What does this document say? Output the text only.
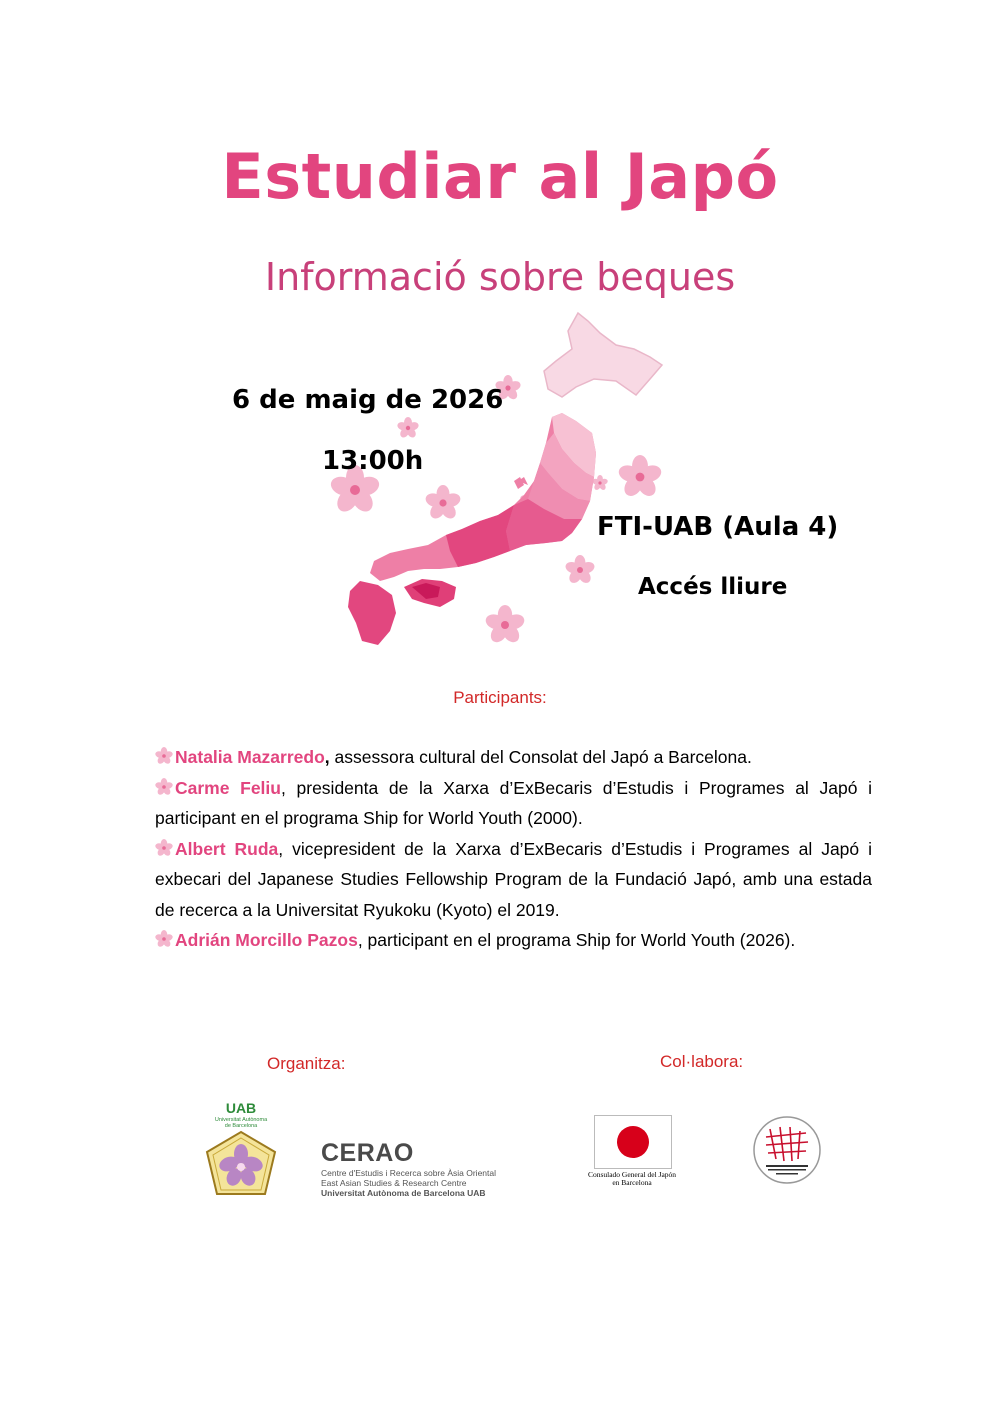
Estudiar al Japó
Informació sobre beques
6 de maig de 2026
13:00h
FTI-UAB (Aula 4)
Accés lliure
Participants:
Natalia Mazarredo, assessora cultural del Consolat del Japó a Barcelona.
Carme Feliu, presidenta de la Xarxa d’ExBecaris d’Estudis i Programes al Japó i participant en el programa Ship for World Youth (2000).
Albert Ruda, vicepresident de la Xarxa d’ExBecaris d’Estudis i Programes al Japó i exbecari del Japanese Studies Fellowship Program de la Fundació Japó, amb una estada de recerca a la Universitat Ryukoku (Kyoto) el 2019.
Adrián Morcillo Pazos, participant en el programa Ship for World Youth (2026).
Organitza:	Col·labora:
UAB
Universitat Autònoma
de Barcelona
CERAO
Centre d'Estudis i Recerca sobre Àsia Oriental
East Asian Studies & Research Centre
Universitat Autònoma de Barcelona UAB
Consulado General del Japón
en Barcelona
